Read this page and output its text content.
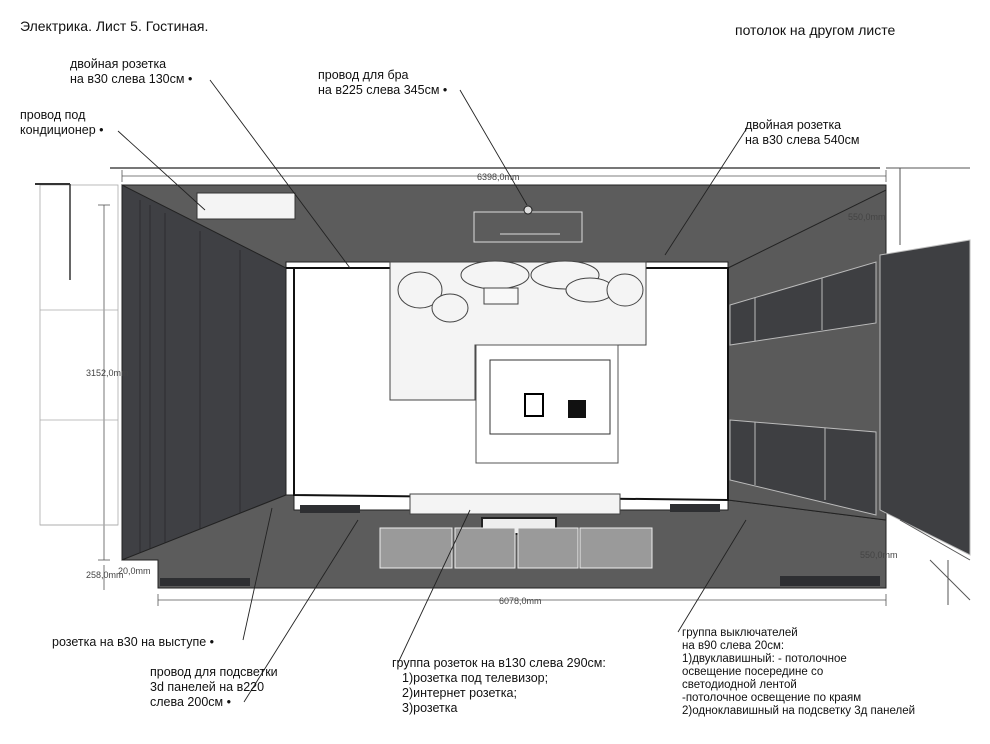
6398,0mm
6078,0mm
3152,0mm
550,0mm
550,0mm
258,0mm
20,0mm
Электрика. Лист 5. Гостиная.	потолок на другом листе
двойная розетка
на в30 слева 130см •
провод под
кондиционер •
провод для бра
на в225 слева 345см •
двойная розетка
на в30 слева 540см
розетка на в30 на выступе •
провод для подсветки
3d панелей на в220
слева 200см •
группа розеток на в130 слева 290см:
1)розетка под телевизор;
2)интернет розетка;
3)розетка
группа выключателей
на в90 слева 20см:
1)двуклавишный: - потолочное
освещение посередине со
светодиодной лентой
-потолочное освещение по краям
2)одноклавишный на подсветку 3д панелей
